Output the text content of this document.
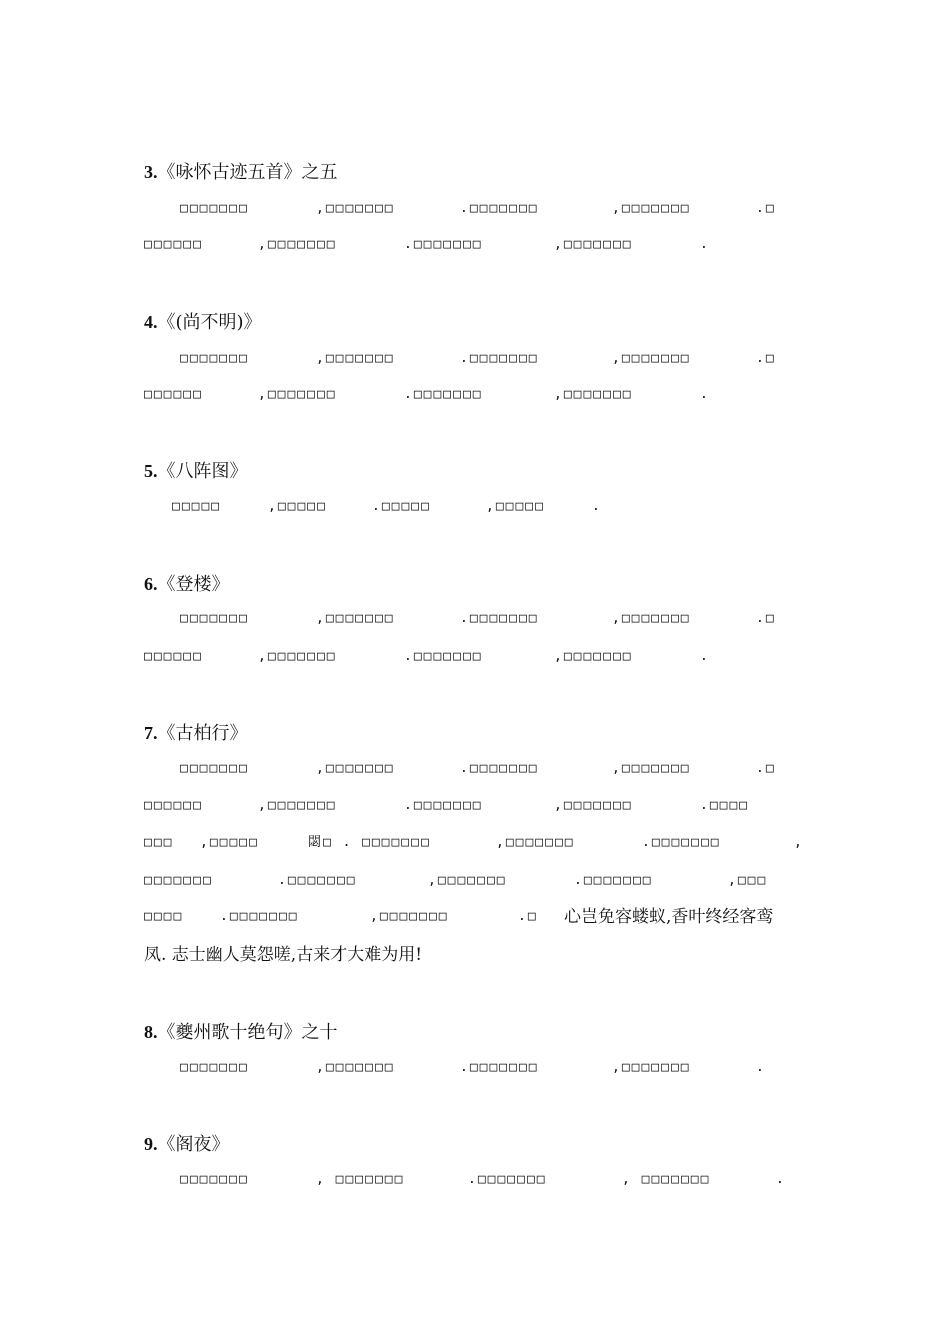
3.《咏怀古迹五首》之五
□□□□□□□	,□□□□□□□	.□□□□□□□	,□□□□□□□	.□
□□□□□□	,□□□□□□□	.□□□□□□□	,□□□□□□□	.
4.《(尚不明)》
□□□□□□□	,□□□□□□□	.□□□□□□□	,□□□□□□□	.□
□□□□□□	,□□□□□□□	.□□□□□□□	,□□□□□□□	.
5.《八阵图》
□□□□□	,□□□□□	.□□□□□	,□□□□□	.
6.《登楼》
□□□□□□□	,□□□□□□□	.□□□□□□□	,□□□□□□□	.□
□□□□□□	,□□□□□□□	.□□□□□□□	,□□□□□□□	.
7.《古柏行》
□□□□□□□	,□□□□□□□	.□□□□□□□	,□□□□□□□	.□
□□□□□□	,□□□□□□□	.□□□□□□□	,□□□□□□□	.□□□□
□□□ ,□□□□□	閟□ . □□□□□□□	,□□□□□□□	.□□□□□□□	,
□□□□□□□	.□□□□□□□	,□□□□□□□	.□□□□□□□	,□□□
□□□□	.□□□□□□□	,□□□□□□□	.□ 心岂免容蝼蚁,香叶终经客鸾
凤. 志士幽人莫怨嗟,古来才大难为用!
8.《夔州歌十绝句》之十
□□□□□□□	,□□□□□□□	.□□□□□□□	,□□□□□□□	.
9.《阁夜》
□□□□□□□	, □□□□□□□	.□□□□□□□	, □□□□□□□	.
